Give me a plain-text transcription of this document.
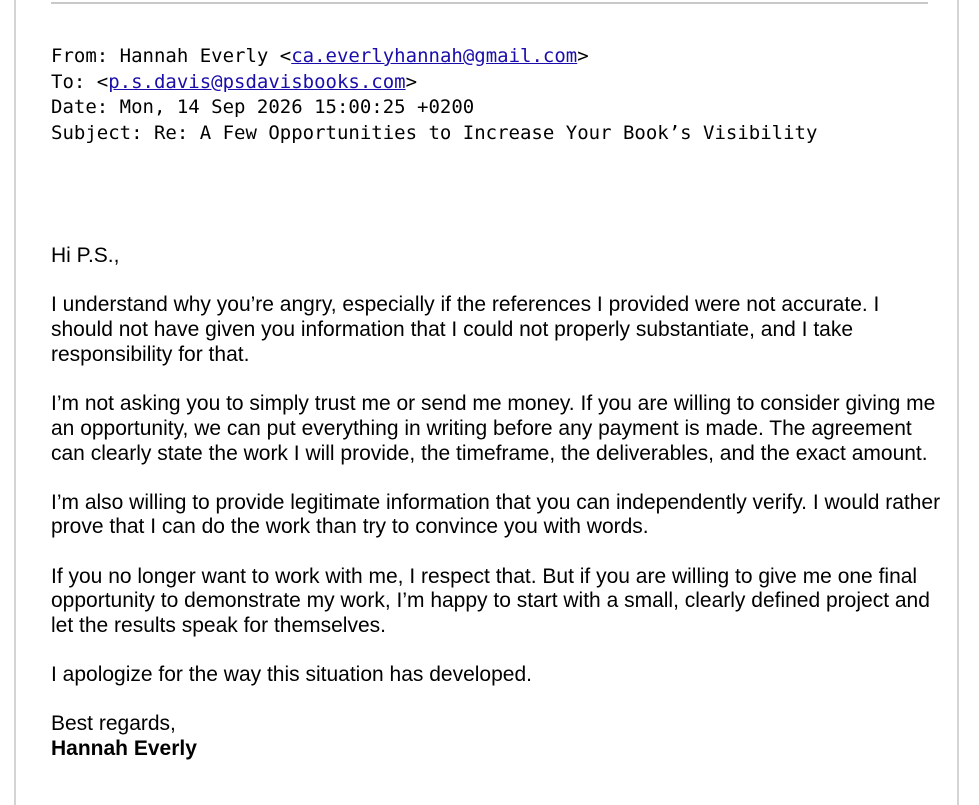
From: Hannah Everly <ca.everlyhannah@gmail.com>
To: <p.s.davis@psdavisbooks.com>
Date: Mon, 14 Sep 2026 15:00:25 +0200
Subject: Re: A Few Opportunities to Increase Your Book’s Visibility

Hi P.S.,

I understand why you’re angry, especially if the references I provided were not accurate. I should not have given you information that I could not properly substantiate, and I take responsibility for that.

I’m not asking you to simply trust me or send me money. If you are willing to consider giving me an opportunity, we can put everything in writing before any payment is made. The agreement can clearly state the work I will provide, the timeframe, the deliverables, and the exact amount.

I’m also willing to provide legitimate information that you can independently verify. I would rather prove that I can do the work than try to convince you with words.

If you no longer want to work with me, I respect that. But if you are willing to give me one final opportunity to demonstrate my work, I’m happy to start with a small, clearly defined project and let the results speak for themselves.

I apologize for the way this situation has developed.

Best regards,
Hannah Everly
